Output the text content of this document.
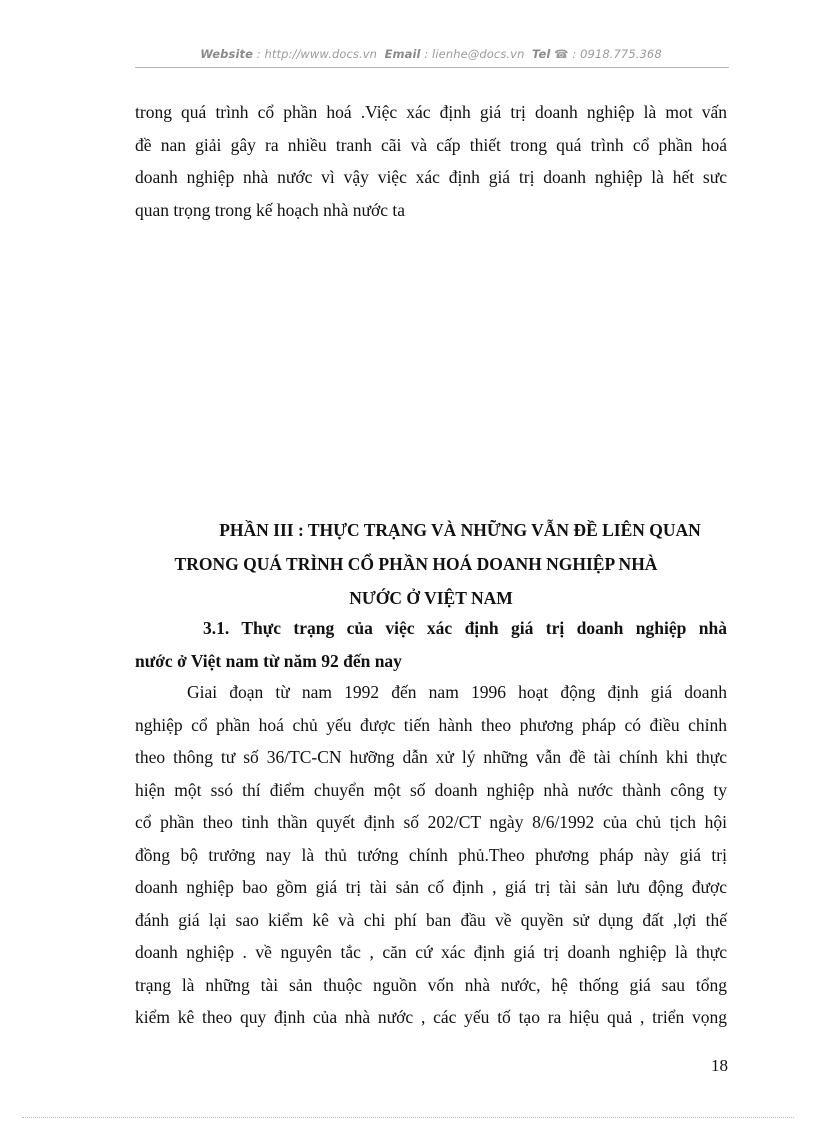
Website : http://www.docs.vn Email : lienhe@docs.vn Tel ☎ : 0918.775.368

trong quá trình cổ phần hoá .Việc xác định giá trị doanh nghiệp là mot vấn
đề nan giải gây ra nhiều tranh cãi và cấp thiết trong quá trình cổ phần hoá
doanh nghiệp nhà nước vì vậy việc xác định giá trị doanh nghiệp là hết sưc
quan trọng trong kế hoạch nhà nước ta

PHẦN III : THỰC TRẠNG VÀ NHỮNG VẪN ĐỀ LIÊN QUAN
TRONG QUÁ TRÌNH CỔ PHẦN HOÁ DOANH NGHIỆP NHÀ
NƯỚC Ở VIỆT NAM
3.1. Thực trạng của việc xác định giá trị doanh nghiệp nhà
nước ở Việt nam từ năm 92 đến nay

Giai đoạn từ nam 1992 đến nam 1996 hoạt động định giá doanh
nghiệp cổ phần hoá chủ yếu được tiến hành theo phương pháp có điều chỉnh
theo thông tư số 36/TC-CN hưỡng dẫn xử lý những vẫn đề tài chính khi thực
hiện một ssó thí điểm chuyển một số doanh nghiệp nhà nước thành công ty
cổ phần theo tinh thần quyết định số 202/CT ngày 8/6/1992 của chủ tịch hội
đồng bộ trưởng nay là thủ tướng chính phủ.Theo phương pháp này giá trị
doanh nghiệp bao gồm giá trị tài sản cố định , giá trị tài sản lưu động được
đánh giá lại sao kiểm kê và chi phí ban đầu về quyền sử dụng đất ,lợi thế
doanh nghiệp . về nguyên tắc , căn cứ xác định giá trị doanh nghiệp là thực
trạng là những tài sản thuộc nguồn vốn nhà nước, hệ thống giá sau tổng
kiểm kê theo quy định của nhà nước , các yếu tố tạo ra hiệu quả , triển vọng

18
